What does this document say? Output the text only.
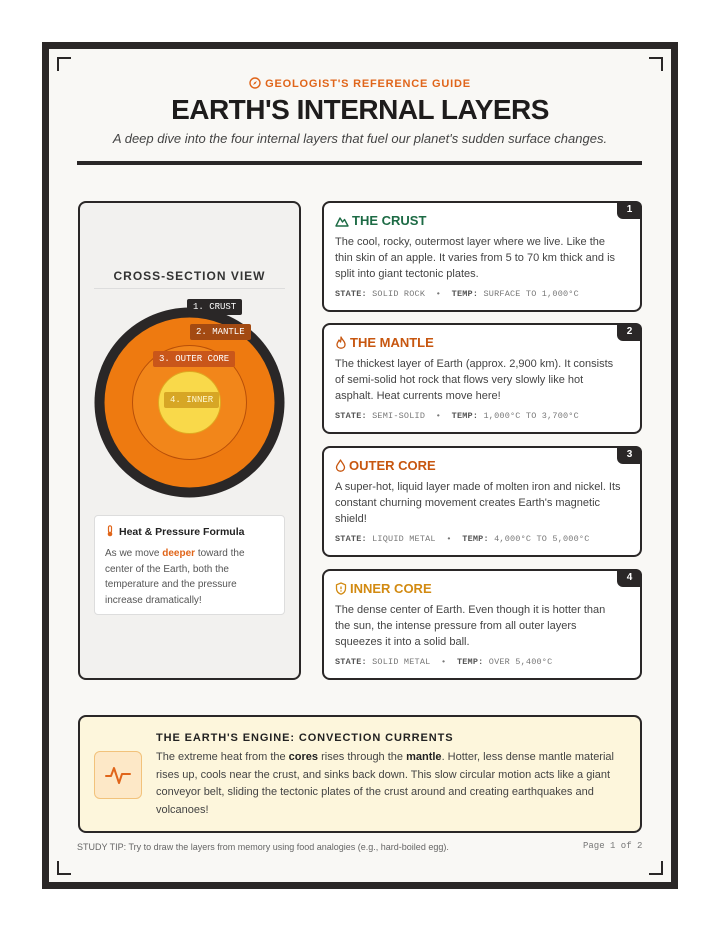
GEOLOGIST'S REFERENCE GUIDE
EARTH'S INTERNAL LAYERS
A deep dive into the four internal layers that fuel our planet's sudden surface changes.
CROSS-SECTION VIEW
1. CRUST
2. MANTLE
3. OUTER CORE
4. INNER
Heat & Pressure Formula
As we move deeper toward the center of the Earth, both the temperature and the pressure increase dramatically!
1
THE CRUST
The cool, rocky, outermost layer where we live. Like the thin skin of an apple. It varies from 5 to 70 km thick and is split into giant tectonic plates.
STATE: SOLID ROCK  •  TEMP: SURFACE TO 1,000°C
2
THE MANTLE
The thickest layer of Earth (approx. 2,900 km). It consists of semi-solid hot rock that flows very slowly like hot asphalt. Heat currents move here!
STATE: SEMI-SOLID  •  TEMP: 1,000°C TO 3,700°C
3
OUTER CORE
A super-hot, liquid layer made of molten iron and nickel. Its constant churning movement creates Earth's magnetic shield!
STATE: LIQUID METAL  •  TEMP: 4,000°C TO 5,000°C
4
INNER CORE
The dense center of Earth. Even though it is hotter than the sun, the intense pressure from all outer layers squeezes it into a solid ball.
STATE: SOLID METAL  •  TEMP: OVER 5,400°C
THE EARTH'S ENGINE: CONVECTION CURRENTS
The extreme heat from the cores rises through the mantle. Hotter, less dense mantle material rises up, cools near the crust, and sinks back down. This slow circular motion acts like a giant conveyor belt, sliding the tectonic plates of the crust around and creating earthquakes and volcanoes!
STUDY TIP: Try to draw the layers from memory using food analogies (e.g., hard-boiled egg).	Page 1 of 2
